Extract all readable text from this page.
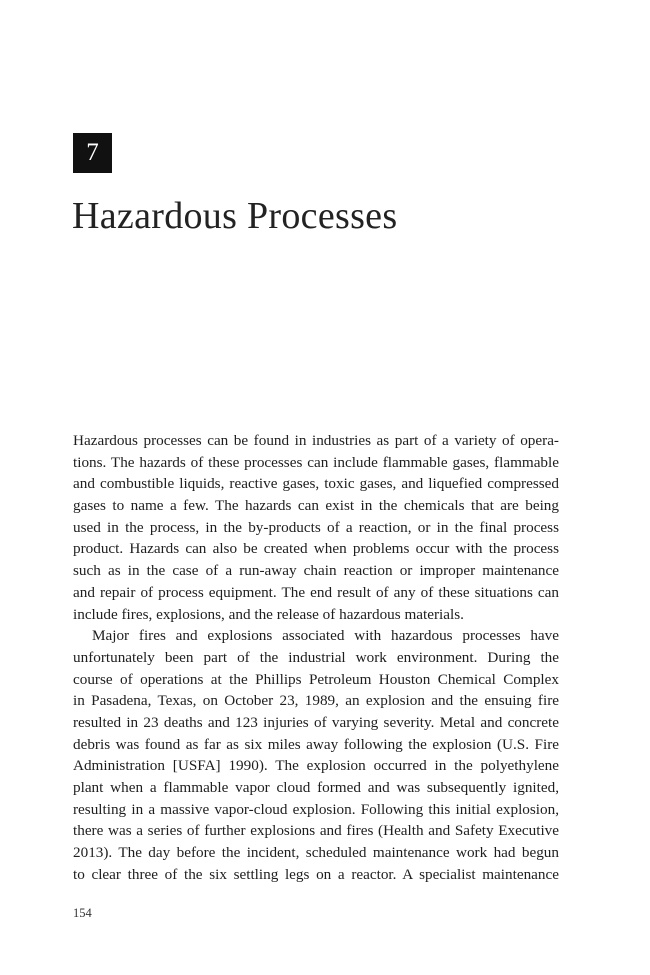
7
Hazardous Processes
Hazardous processes can be found in industries as part of a variety of opera-
tions. The hazards of these processes can include flammable gases, flammable
and combustible liquids, reactive gases, toxic gases, and liquefied compressed
gases to name a few. The hazards can exist in the chemicals that are being
used in the process, in the by-products of a reaction, or in the final process
product. Hazards can also be created when problems occur with the process
such as in the case of a run-away chain reaction or improper maintenance
and repair of process equipment. The end result of any of these situations can
include fires, explosions, and the release of hazardous materials.
Major fires and explosions associated with hazardous processes have
unfortunately been part of the industrial work environment. During the
course of operations at the Phillips Petroleum Houston Chemical Complex
in Pasadena, Texas, on October 23, 1989, an explosion and the ensuing fire
resulted in 23 deaths and 123 injuries of varying severity. Metal and concrete
debris was found as far as six miles away following the explosion (U.S. Fire
Administration [USFA] 1990). The explosion occurred in the polyethylene
plant when a flammable vapor cloud formed and was subsequently ignited,
resulting in a massive vapor-cloud explosion. Following this initial explosion,
there was a series of further explosions and fires (Health and Safety Executive
2013). The day before the incident, scheduled maintenance work had begun
to clear three of the six settling legs on a reactor. A specialist maintenance
154
